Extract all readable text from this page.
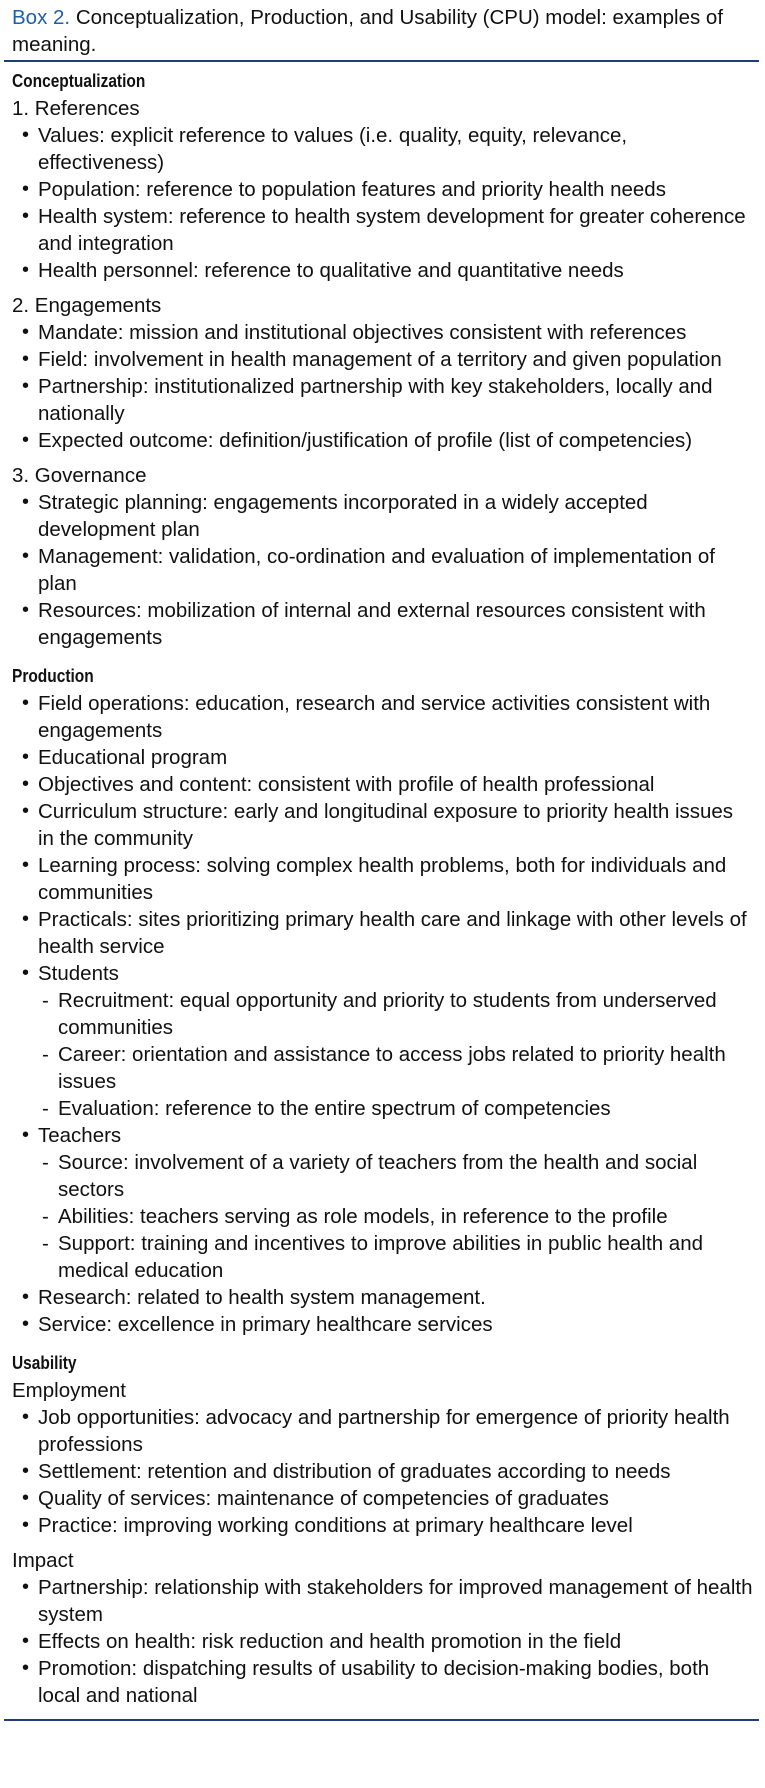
Box 2. Conceptualization, Production, and Usability (CPU) model: examples of meaning.
Conceptualization
1. References
• Values: explicit reference to values (i.e. quality, equity, relevance, effectiveness)
• Population: reference to population features and priority health needs
• Health system: reference to health system development for greater coherence and integration
• Health personnel: reference to qualitative and quantitative needs
2. Engagements
• Mandate: mission and institutional objectives consistent with references
• Field: involvement in health management of a territory and given population
• Partnership: institutionalized partnership with key stakeholders, locally and nationally
• Expected outcome: definition/justification of profile (list of competencies)
3. Governance
• Strategic planning: engagements incorporated in a widely accepted development plan
• Management: validation, co-ordination and evaluation of implementation of plan
• Resources: mobilization of internal and external resources consistent with engagements
Production
• Field operations: education, research and service activities consistent with engagements
• Educational program
• Objectives and content: consistent with profile of health professional
• Curriculum structure: early and longitudinal exposure to priority health issues in the community
• Learning process: solving complex health problems, both for individuals and communities
• Practicals: sites prioritizing primary health care and linkage with other levels of health service
• Students
- Recruitment: equal opportunity and priority to students from underserved communities
- Career: orientation and assistance to access jobs related to priority health issues
- Evaluation: reference to the entire spectrum of competencies
• Teachers
- Source: involvement of a variety of teachers from the health and social sectors
- Abilities: teachers serving as role models, in reference to the profile
- Support: training and incentives to improve abilities in public health and medical education
• Research: related to health system management.
• Service: excellence in primary healthcare services
Usability
Employment
• Job opportunities: advocacy and partnership for emergence of priority health professions
• Settlement: retention and distribution of graduates according to needs
• Quality of services: maintenance of competencies of graduates
• Practice: improving working conditions at primary healthcare level
Impact
• Partnership: relationship with stakeholders for improved management of health system
• Effects on health: risk reduction and health promotion in the field
• Promotion: dispatching results of usability to decision-making bodies, both local and national
